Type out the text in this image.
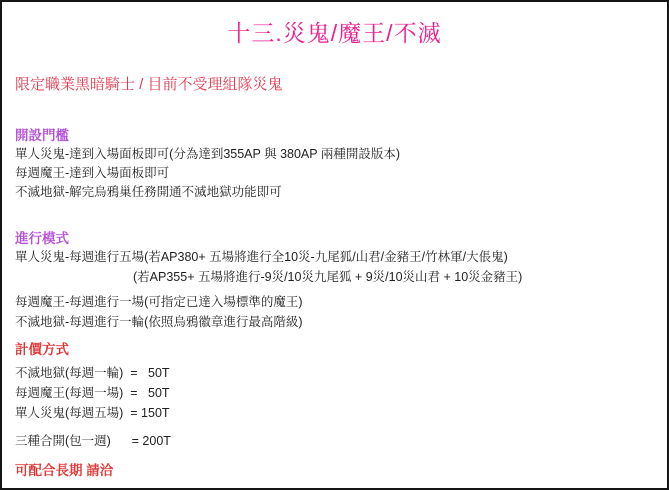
十三.災鬼/魔王/不滅
限定職業黑暗騎士 / 目前不受理組隊災鬼
開設門檻
單人災鬼-達到入場面板即可(分為達到355AP 與 380AP 兩種開設版本)
每週魔王-達到入場面板即可
不滅地獄-解完烏鴉巢任務開通不滅地獄功能即可
進行模式
單人災鬼-每週進行五場(若AP380+ 五場將進行全10災-九尾狐/山君/金豬王/竹林軍/大倀鬼)
(若AP355+ 五場將進行-9災/10災九尾狐 + 9災/10災山君 + 10災金豬王)
每週魔王-每週進行一場(可指定已達入場標準的魔王)
不滅地獄-每週進行一輪(依照烏鴉徽章進行最高階級)
計價方式
不滅地獄(每週一輪)  =   50T
每週魔王(每週一場)  =   50T
單人災鬼(每週五場)  = 150T
三種合開(包一週)      = 200T
可配合長期 請洽
